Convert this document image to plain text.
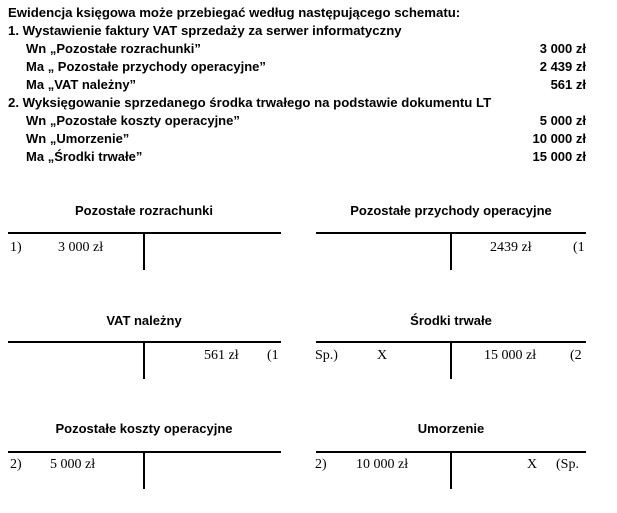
Ewidencja księgowa może przebiegać według następującego schematu:
1. Wystawienie faktury VAT sprzedaży za serwer informatyczny
Wn „Pozostałe rozrachunki”	3 000 zł
Ma „ Pozostałe przychody operacyjne”	2 439 zł
Ma „VAT należny”	561 zł
2. Wyksięgowanie sprzedanego środka trwałego na podstawie dokumentu LT
Wn „Pozostałe koszty operacyjne”	5 000 zł
Wn „Umorzenie”	10 000 zł
Ma „Środki trwałe”	15 000 zł
Pozostałe rozrachunki
1)	3 000 zł
Pozostałe przychody operacyjne
2439 zł	(1
VAT należny
561 zł (1
Środki trwałe
Sp.)	X	15 000 zł (2
Pozostałe koszty operacyjne
2) 5 000 zł
Umorzenie
2) 10 000 zł	X (Sp.
